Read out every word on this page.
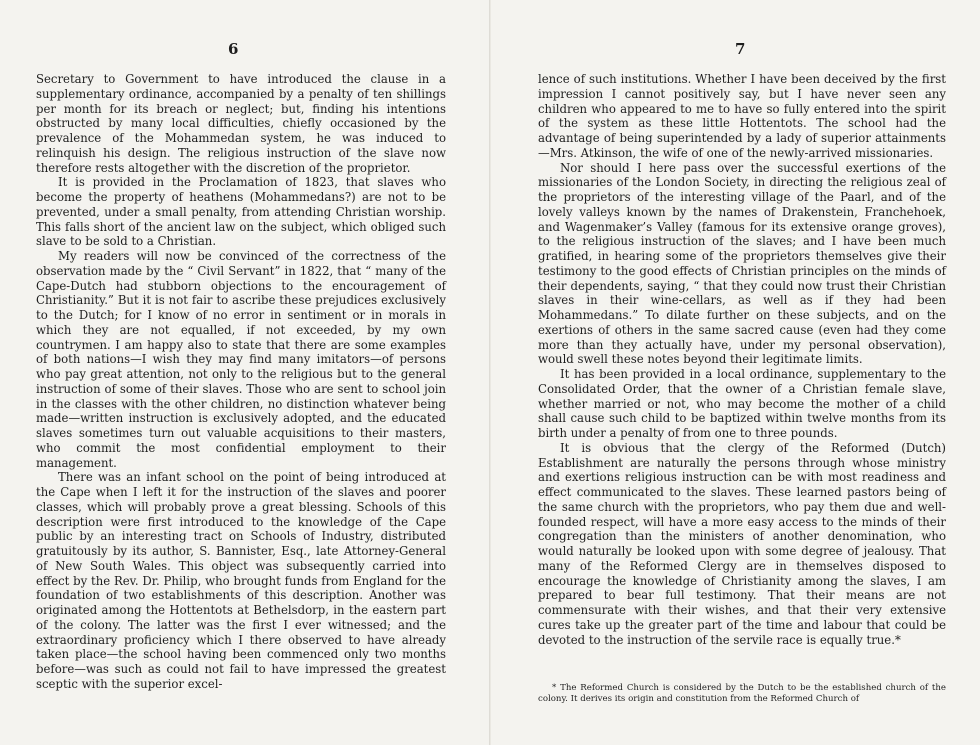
6

Secretary to Government to have introduced the clause in a supplementary ordinance, accompanied by a penalty of ten shillings per month for its breach or neglect; but, finding his intentions obstructed by many local difficulties, chiefly occasioned by the prevalence of the Mohammedan system, he was induced to relinquish his design. The religious instruction of the slave now therefore rests altogether with the discretion of the proprietor.

It is provided in the Proclamation of 1823, that slaves who become the property of heathens (Mohammedans?) are not to be prevented, under a small penalty, from attending Christian worship. This falls short of the ancient law on the subject, which obliged such slave to be sold to a Christian.

My readers will now be convinced of the correctness of the observation made by the “ Civil Servant” in 1822, that “ many of the Cape-Dutch had stubborn objections to the encouragement of Christianity.” But it is not fair to ascribe these prejudices exclusively to the Dutch; for I know of no error in sentiment or in morals in which they are not equalled, if not exceeded, by my own countrymen. I am happy also to state that there are some examples of both nations—I wish they may find many imitators—of persons who pay great attention, not only to the religious but to the general instruction of some of their slaves. Those who are sent to school join in the classes with the other children, no distinction whatever being made—written instruction is exclusively adopted, and the educated slaves sometimes turn out valuable acquisitions to their masters, who commit the most confidential employment to their management.

There was an infant school on the point of being introduced at the Cape when I left it for the instruction of the slaves and poorer classes, which will probably prove a great blessing. Schools of this description were first introduced to the knowledge of the Cape public by an interesting tract on Schools of Industry, distributed gratuitously by its author, S. Bannister, Esq., late Attorney-General of New South Wales. This object was subsequently carried into effect by the Rev. Dr. Philip, who brought funds from England for the foundation of two establishments of this description. Another was originated among the Hottentots at Bethelsdorp, in the eastern part of the colony. The latter was the first I ever witnessed; and the extraordinary proficiency which I there observed to have already taken place—the school having been commenced only two months before—was such as could not fail to have impressed the greatest sceptic with the superior excel-

7

lence of such institutions. Whether I have been deceived by the first impression I cannot positively say, but I have never seen any children who appeared to me to have so fully entered into the spirit of the system as these little Hottentots. The school had the advantage of being superintended by a lady of superior attainments—Mrs. Atkinson, the wife of one of the newly-arrived missionaries.

Nor should I here pass over the successful exertions of the missionaries of the London Society, in directing the religious zeal of the proprietors of the interesting village of the Paarl, and of the lovely valleys known by the names of Drakenstein, Franchehoek, and Wagenmaker’s Valley (famous for its extensive orange groves), to the religious instruction of the slaves; and I have been much gratified, in hearing some of the proprietors themselves give their testimony to the good effects of Christian principles on the minds of their dependents, saying, “ that they could now trust their Christian slaves in their wine-cellars, as well as if they had been Mohammedans.” To dilate further on these subjects, and on the exertions of others in the same sacred cause (even had they come more than they actually have, under my personal observation), would swell these notes beyond their legitimate limits.

It has been provided in a local ordinance, supplementary to the Consolidated Order, that the owner of a Christian female slave, whether married or not, who may become the mother of a child shall cause such child to be baptized within twelve months from its birth under a penalty of from one to three pounds.

It is obvious that the clergy of the Reformed (Dutch) Establishment are naturally the persons through whose ministry and exertions religious instruction can be with most readiness and effect communicated to the slaves. These learned pastors being of the same church with the proprietors, who pay them due and well-founded respect, will have a more easy access to the minds of their congregation than the ministers of another denomination, who would naturally be looked upon with some degree of jealousy. That many of the Reformed Clergy are in themselves disposed to encourage the knowledge of Christianity among the slaves, I am prepared to bear full testimony. That their means are not commensurate with their wishes, and that their very extensive cures take up the greater part of the time and labour that could be devoted to the instruction of the servile race is equally true.*

* The Reformed Church is considered by the Dutch to be the established church of the colony. It derives its origin and constitution from the Reformed Church of
